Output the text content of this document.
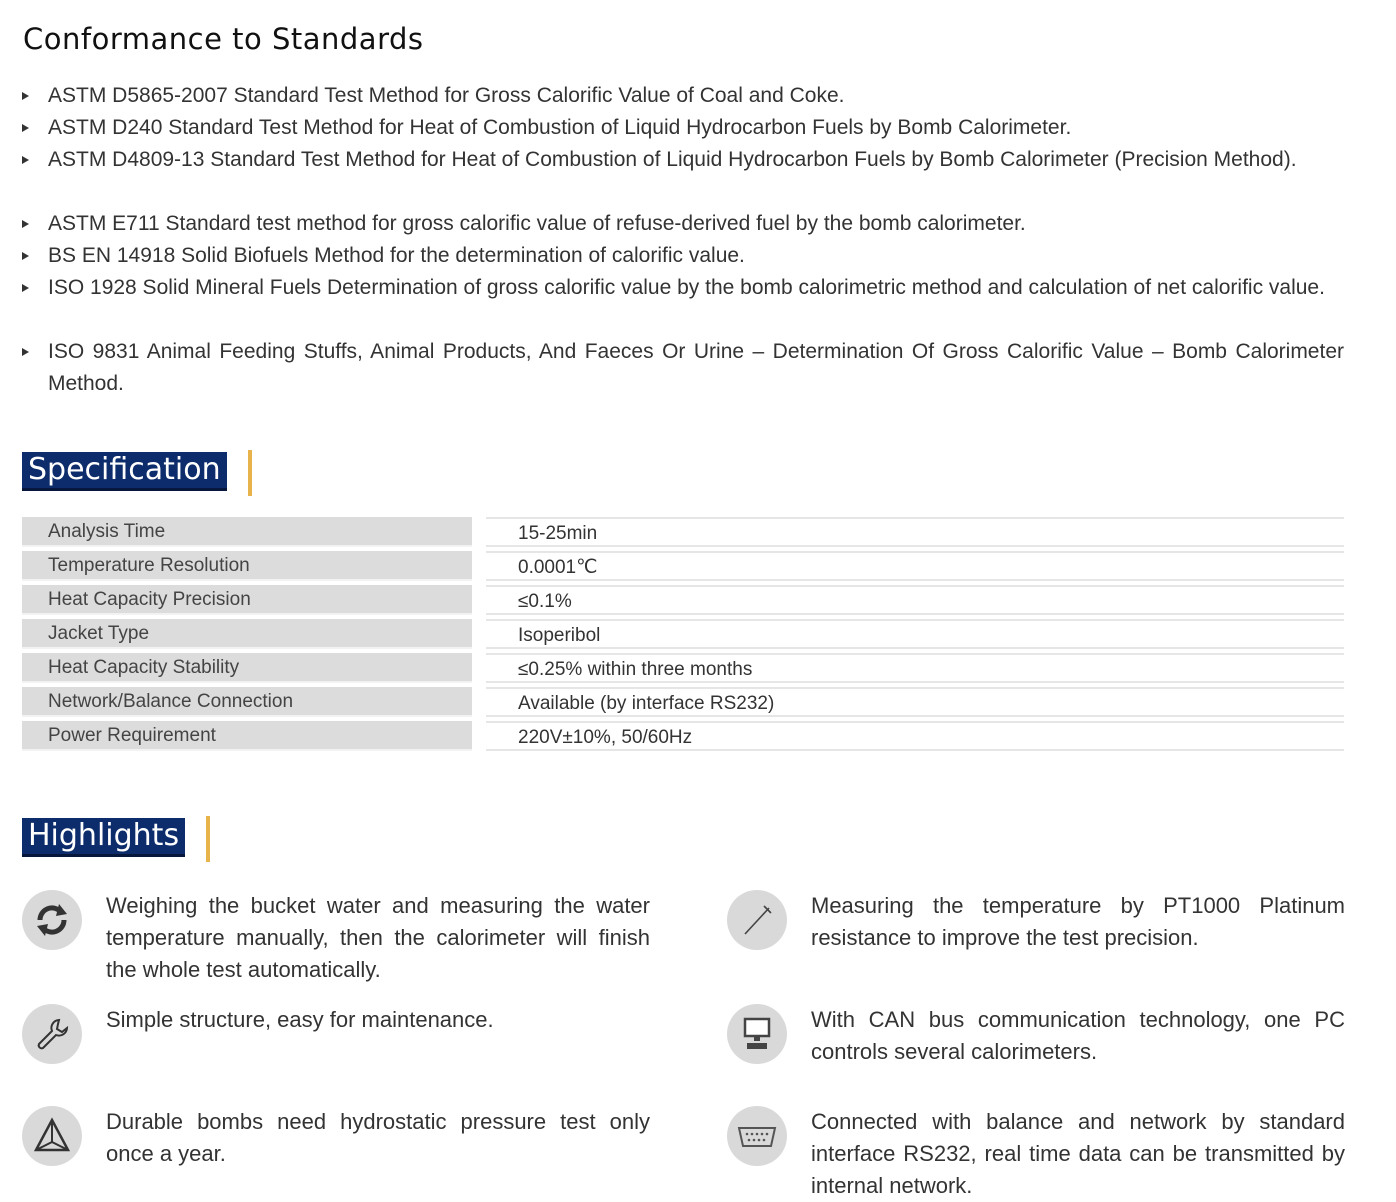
Conformance to Standards
ASTM D5865-2007 Standard Test Method for Gross Calorific Value of Coal and Coke.
ASTM D240 Standard Test Method for Heat of Combustion of Liquid Hydrocarbon Fuels by Bomb Calorimeter.
ASTM D4809-13 Standard Test Method for Heat of Combustion of Liquid Hydrocarbon Fuels by Bomb Calorimeter (Precision Method).
ASTM E711 Standard test method for gross calorific value of refuse-derived fuel by the bomb calorimeter.
BS EN 14918 Solid Biofuels Method for the determination of calorific value.
ISO 1928 Solid Mineral Fuels Determination of gross calorific value by the bomb calorimetric method and calculation of net calorific value.
ISO 9831 Animal Feeding Stuffs, Animal Products, And Faeces Or Urine – Determination Of Gross Calorific Value – Bomb Calorimeter Method.
Specification
Analysis Time	15-25min
Temperature Resolution	0.0001℃
Heat Capacity Precision	≤0.1%
Jacket Type	Isoperibol
Heat Capacity Stability	≤0.25% within three months
Network/Balance Connection	Available (by interface RS232)
Power Requirement	220V±10%, 50/60Hz
Highlights
Weighing the bucket water and measuring the water temperature manually, then the calorimeter will finish the whole test automatically.
Measuring the temperature by PT1000 Platinum resistance to improve the test precision.
Simple structure, easy for maintenance.	With CAN bus communication technology, one PC controls several calorimeters.
Durable bombs need hydrostatic pressure test only once a year.
Connected with balance and network by standard interface RS232, real time data can be transmitted by internal network.
